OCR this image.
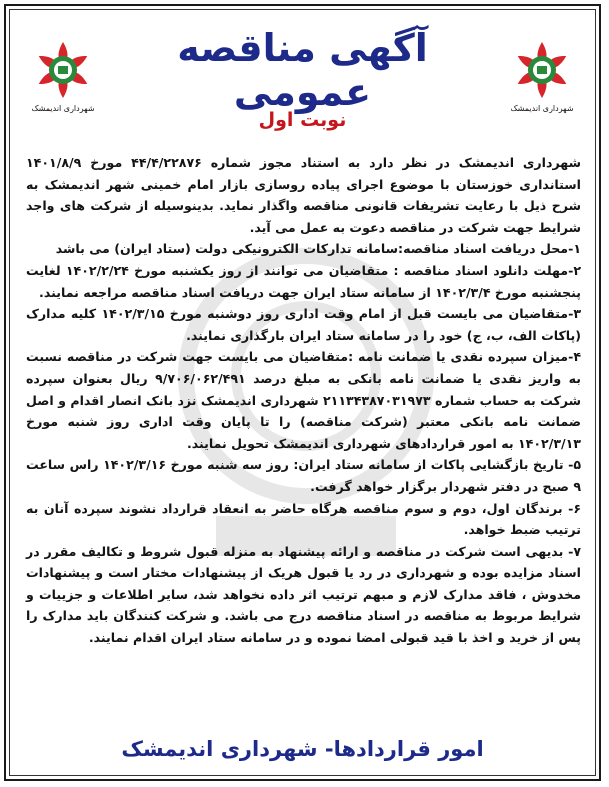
شهرداری اندیمشک
شهرداری اندیمشک
آگهی مناقصه عمومی
نوبت اول

شهرداری اندیمشک در نظر دارد به استناد مجوز شماره ۴۴/۴/۲۲۸۷۶ مورخ ۱۴۰۱/۸/۹ استانداری خوزستان با موضوع اجرای پیاده روسازی بازار امام خمینی شهر اندیمشک به شرح ذیل با رعایت تشریفات قانونی مناقصه واگذار نماید. بدینوسیله از شرکت های واجد شرایط جهت شرکت در مناقصه دعوت به عمل می آید.

۱-محل دریافت اسناد مناقصه:سامانه تدارکات الکترونیکی دولت (ستاد ایران) می باشد

۲-مهلت دانلود اسناد مناقصه : متقاضیان می توانند از روز یکشنبه مورخ ۱۴۰۲/۲/۲۴ لغایت پنجشنبه مورخ ۱۴۰۲/۳/۴ از سامانه ستاد ایران جهت دریافت اسناد مناقصه مراجعه نمایند.

۳-متقاضیان می بایست قبل از امام وقت اداری روز دوشنبه مورخ ۱۴۰۲/۳/۱۵ کلیه مدارک (پاکات الف، ب، ج) خود را در سامانه ستاد ایران بارگذاری نمایند.

۴-میزان سپرده نقدی یا ضمانت نامه :متقاضیان می بایست جهت شرکت در مناقصه نسبت به واریز نقدی یا ضمانت نامه بانکی به مبلغ درصد ۹/۷۰۶/۰۶۲/۴۹۱ ریال بعنوان سپرده شرکت به حساب شماره ۲۱۱۳۴۳۸۷۰۳۱۹۷۳ شهرداری اندیمشک نزد بانک انصار اقدام و اصل ضمانت نامه بانکی معتبر (شرکت مناقصه) را تا پایان وقت اداری روز شنبه مورخ ۱۴۰۲/۳/۱۳ به امور قراردادهای شهرداری اندیمشک تحویل نمایند.

۵- تاریخ بازگشایی پاکات از سامانه ستاد ایران: روز سه شنبه مورخ ۱۴۰۲/۳/۱۶ راس ساعت ۹ صبح در دفتر شهردار برگزار خواهد گرفت.

۶- برندگان اول، دوم و سوم مناقصه هرگاه حاضر به انعقاد قرارداد نشوند سپرده آنان به ترتیب ضبط خواهد.

۷- بدیهی است شرکت در مناقصه و ارائه پیشنهاد به منزله قبول شروط و تکالیف مقرر در اسناد مزایده بوده و شهرداری در رد یا قبول هریک از پیشنهادات مختار است و پیشنهادات مخدوش ، فاقد مدارک لازم و مبهم ترتیب اثر داده نخواهد شد، سایر اطلاعات و جزییات و شرایط مربوط به مناقصه در اسناد مناقصه درج می باشد. و شرکت کنندگان باید مدارک را پس از خرید و اخذ با قید قبولی امضا نموده و در سامانه ستاد ایران اقدام نمایند.

امور قراردادها- شهرداری اندیمشک
